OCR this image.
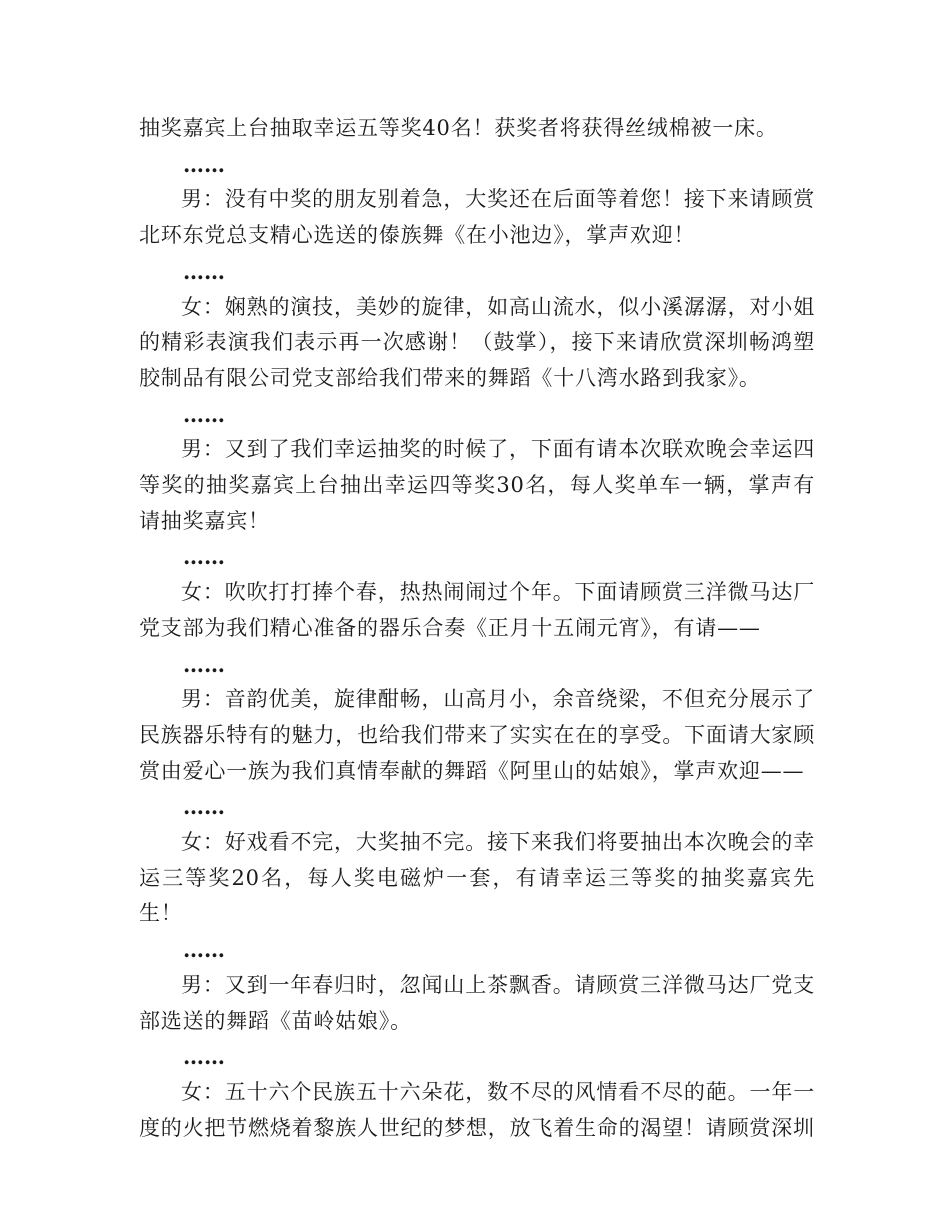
抽奖嘉宾上台抽取幸运五等奖40名！获奖者将获得丝绒棉被一床。

……

男：没有中奖的朋友别着急，大奖还在后面等着您！接下来请顾赏北环东党总支精心选送的傣族舞《在小池边》，掌声欢迎！

……

女：娴熟的演技，美妙的旋律，如高山流水，似小溪潺潺，对小姐的精彩表演我们表示再一次感谢！（鼓掌），接下来请欣赏深圳畅鸿塑胶制品有限公司党支部给我们带来的舞蹈《十八湾水路到我家》。

……

男：又到了我们幸运抽奖的时候了，下面有请本次联欢晚会幸运四等奖的抽奖嘉宾上台抽出幸运四等奖30名，每人奖单车一辆，掌声有请抽奖嘉宾！

……

女：吹吹打打捧个春，热热闹闹过个年。下面请顾赏三洋微马达厂党支部为我们精心准备的器乐合奏《正月十五闹元宵》，有请——

……

男：音韵优美，旋律酣畅，山高月小，余音绕梁，不但充分展示了民族器乐特有的魅力，也给我们带来了实实在在的享受。下面请大家顾赏由爱心一族为我们真情奉献的舞蹈《阿里山的姑娘》，掌声欢迎——

……

女：好戏看不完，大奖抽不完。接下来我们将要抽出本次晚会的幸运三等奖20名，每人奖电磁炉一套，有请幸运三等奖的抽奖嘉宾先生！

……

男：又到一年春归时，忽闻山上茶飘香。请顾赏三洋微马达厂党支部选送的舞蹈《苗岭姑娘》。

……

女：五十六个民族五十六朵花，数不尽的风情看不尽的葩。一年一度的火把节燃烧着黎族人世纪的梦想，放飞着生命的渴望！请顾赏深圳
